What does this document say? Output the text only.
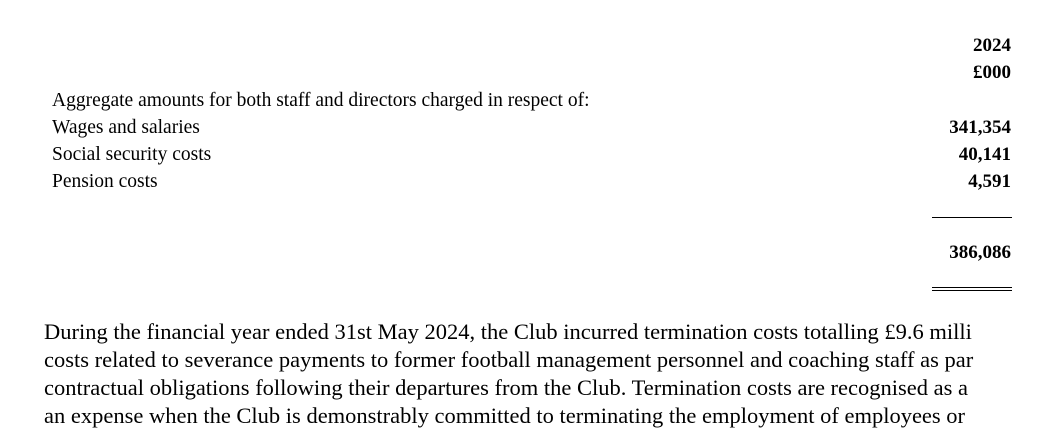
2024
£000
Aggregate amounts for both staff and directors charged in respect of:
Wages and salaries	341,354
Social security costs	40,141
Pension costs	4,591
386,086
During the financial year ended 31st May 2024, the Club incurred termination costs totalling £9.6 milli
costs related to severance payments to former football management personnel and coaching staff as par
contractual obligations following their departures from the Club. Termination costs are recognised as a
an expense when the Club is demonstrably committed to terminating the employment of employees or
